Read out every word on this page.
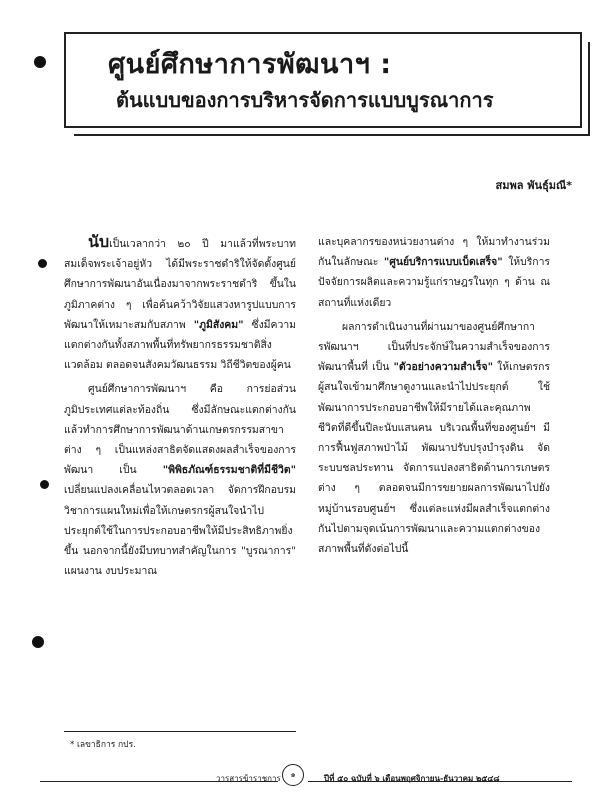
ศูนย์ศึกษาการพัฒนาฯ :
ต้นแบบของการบริหารจัดการแบบบูรณาการ
สมพล พันธุ์มณี*

นับเป็นเวลากว่า ๒๐ ปี มาแล้วที่พระบาทสมเด็จพระเจ้าอยู่หัว ได้มีพระราชดำริให้จัดตั้งศูนย์ศึกษาการพัฒนาอันเนื่องมาจากพระราชดำริ ขึ้นในภูมิภาคต่าง ๆ เพื่อค้นคว้าวิจัยแสวงหารูปแบบการพัฒนาให้เหมาะสมกับสภาพ "ภูมิสังคม" ซึ่งมีความแตกต่างกันทั้งสภาพพื้นที่ทรัพยากรธรรมชาติสิ่งแวดล้อม ตลอดจนสังคมวัฒนธรรม วิถีชีวิตของผู้คน

ศูนย์ศึกษาการพัฒนาฯ คือ การย่อส่วนภูมิประเทศแต่ละท้องถิ่น ซึ่งมีลักษณะแตกต่างกันแล้วทำการศึกษาการพัฒนาด้านเกษตรกรรมสาขาต่าง ๆ เป็นแหล่งสาธิตจัดแสดงผลสำเร็จของการพัฒนา เป็น "พิพิธภัณฑ์ธรรมชาติที่มีชีวิต" เปลี่ยนแปลงเคลื่อนไหวตลอดเวลา จัดการฝึกอบรมวิชาการแผนใหม่เพื่อให้เกษตรกรผู้สนใจนำไปประยุกต์ใช้ในการประกอบอาชีพให้มีประสิทธิภาพยิ่งขึ้น นอกจากนี้ยังมีบทบาทสำคัญในการ "บูรณาการ" แผนงาน งบประมาณ

และบุคลากรของหน่วยงานต่าง ๆ ให้มาทำงานร่วมกันในลักษณะ "ศูนย์บริการแบบเบ็ดเสร็จ" ให้บริการปัจจัยการผลิตและความรู้แก่ราษฎรในทุก ๆ ด้าน ณ สถานที่แห่งเดียว

ผลการดำเนินงานที่ผ่านมาของศูนย์ศึกษาการพัฒนาฯ เป็นที่ประจักษ์ในความสำเร็จของการพัฒนาพื้นที่ เป็น "ตัวอย่างความสำเร็จ" ให้เกษตรกรผู้สนใจเข้ามาศึกษาดูงานและนำไปประยุกต์ ใช้พัฒนาการประกอบอาชีพให้มีรายได้และคุณภาพชีวิตที่ดีขึ้นปีละนับแสนคน บริเวณพื้นที่ของศูนย์ฯ มีการฟื้นฟูสภาพป่าไม้ พัฒนาปรับปรุงบำรุงดิน จัดระบบชลประทาน จัดการแปลงสาธิตด้านการเกษตรต่าง ๆ ตลอดจนมีการขยายผลการพัฒนาไปยังหมู่บ้านรอบศูนย์ฯ ซึ่งแต่ละแห่งมีผลสำเร็จแตกต่างกันไปตามจุดเน้นการพัฒนาและความแตกต่างของสภาพพื้นที่ดังต่อไปนี้

* เลขาธิการ กปร.
วารสารข้าราชการ	๑	ปีที่ ๕๐ ฉบับที่ ๖ เดือนพฤศจิกายน-ธันวาคม ๒๕๔๘
